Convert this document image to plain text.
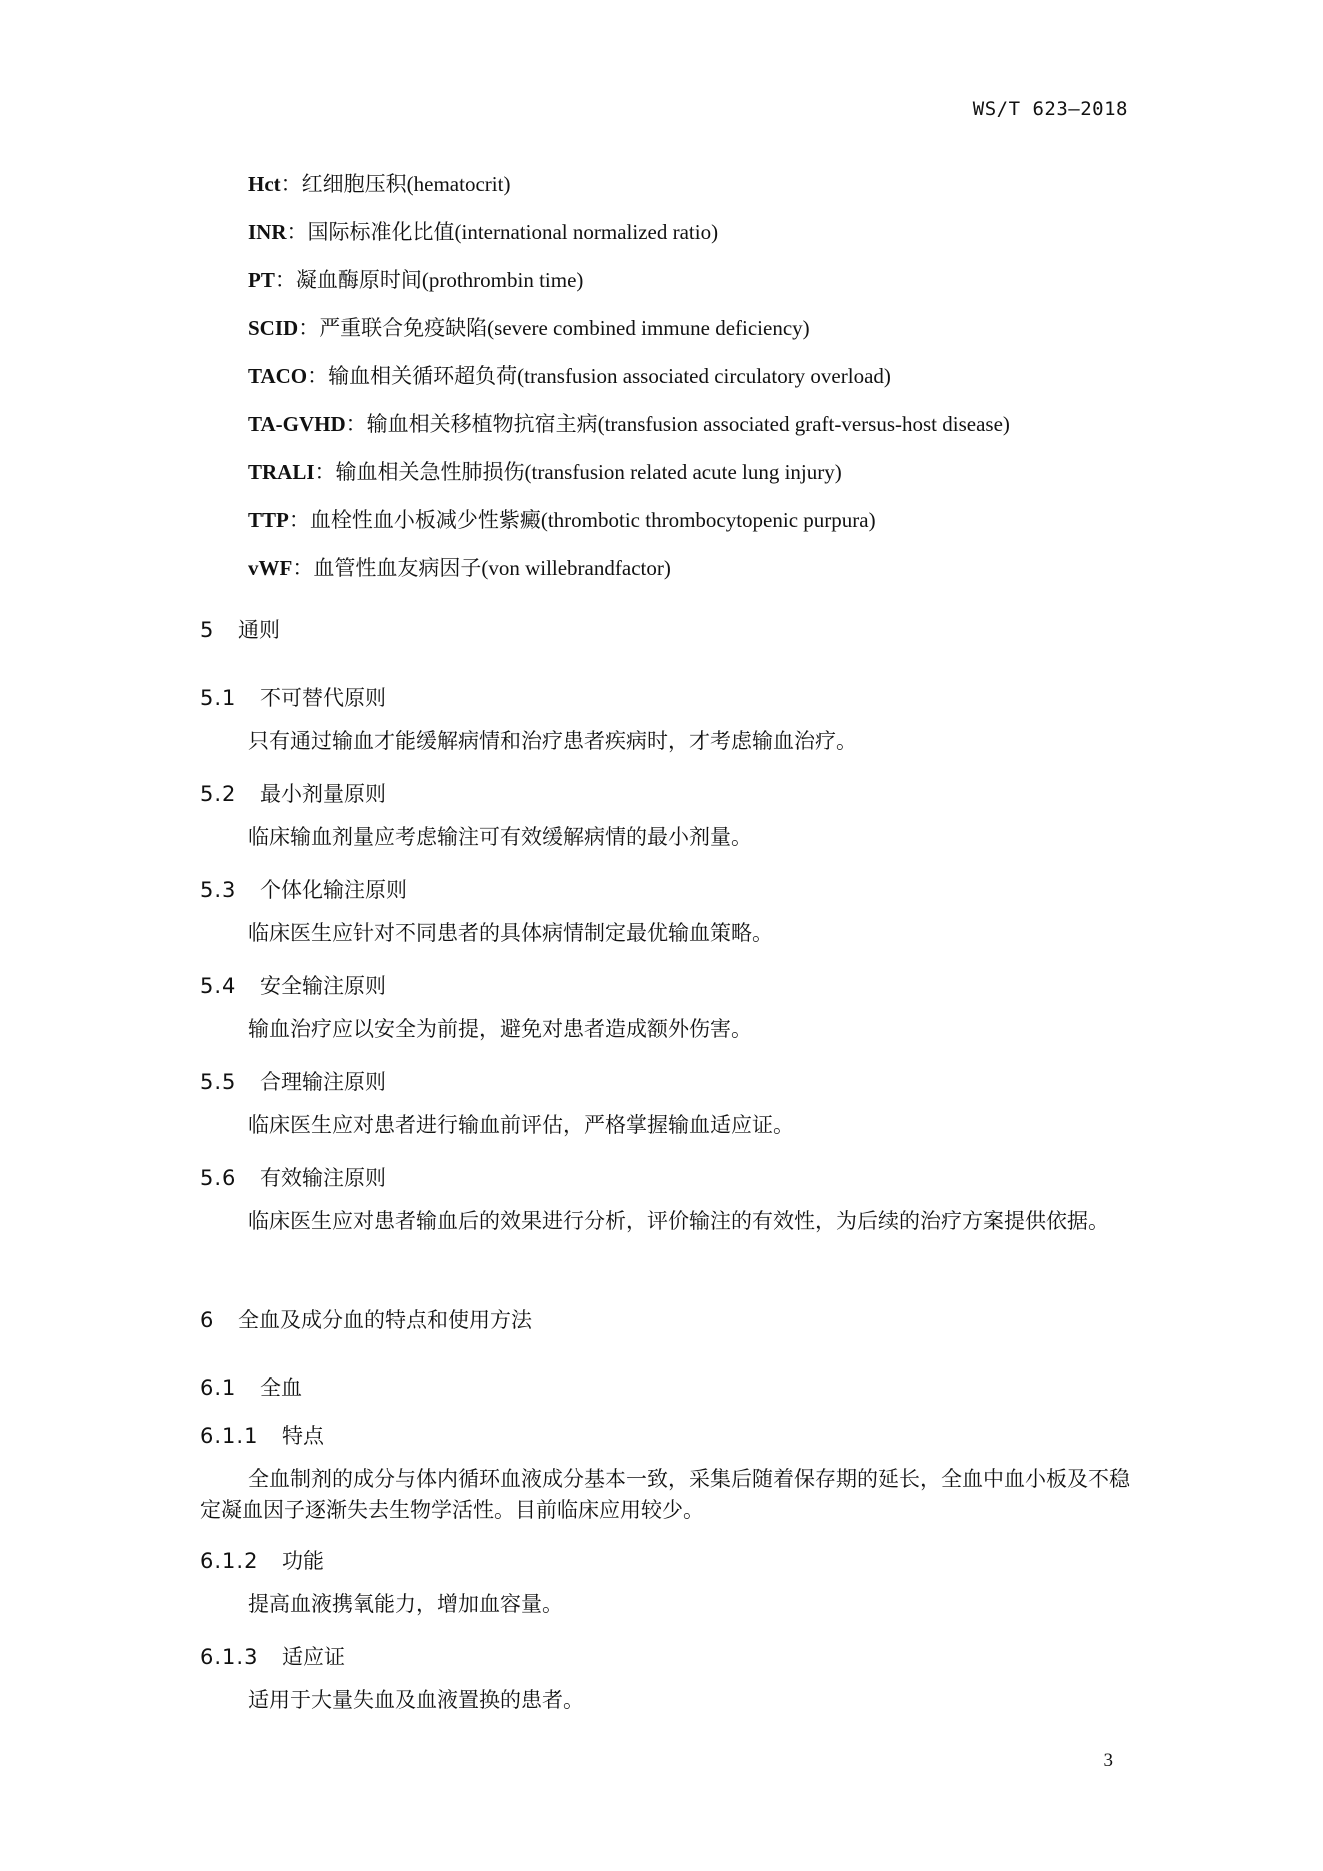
WS/T 623—2018
Hct：红细胞压积(hematocrit)
INR：国际标准化比值(international normalized ratio)
PT：凝血酶原时间(prothrombin time)
SCID：严重联合免疫缺陷(severe combined immune deficiency)
TACO：输血相关循环超负荷(transfusion associated circulatory overload)
TA-GVHD：输血相关移植物抗宿主病(transfusion associated graft-versus-host disease)
TRALI：输血相关急性肺损伤(transfusion related acute lung injury)
TTP：血栓性血小板减少性紫癜(thrombotic thrombocytopenic purpura)
vWF：血管性血友病因子(von willebrandfactor)
5 通则
5.1 不可替代原则
只有通过输血才能缓解病情和治疗患者疾病时，才考虑输血治疗。
5.2 最小剂量原则
临床输血剂量应考虑输注可有效缓解病情的最小剂量。
5.3 个体化输注原则
临床医生应针对不同患者的具体病情制定最优输血策略。
5.4 安全输注原则
输血治疗应以安全为前提，避免对患者造成额外伤害。
5.5 合理输注原则
临床医生应对患者进行输血前评估，严格掌握输血适应证。
5.6 有效输注原则
临床医生应对患者输血后的效果进行分析，评价输注的有效性，为后续的治疗方案提供依据。
6 全血及成分血的特点和使用方法
6.1 全血
6.1.1 特点
全血制剂的成分与体内循环血液成分基本一致，采集后随着保存期的延长，全血中血小板及不稳定凝血因子逐渐失去生物学活性。目前临床应用较少。
6.1.2 功能
提高血液携氧能力，增加血容量。
6.1.3 适应证
适用于大量失血及血液置换的患者。
3
